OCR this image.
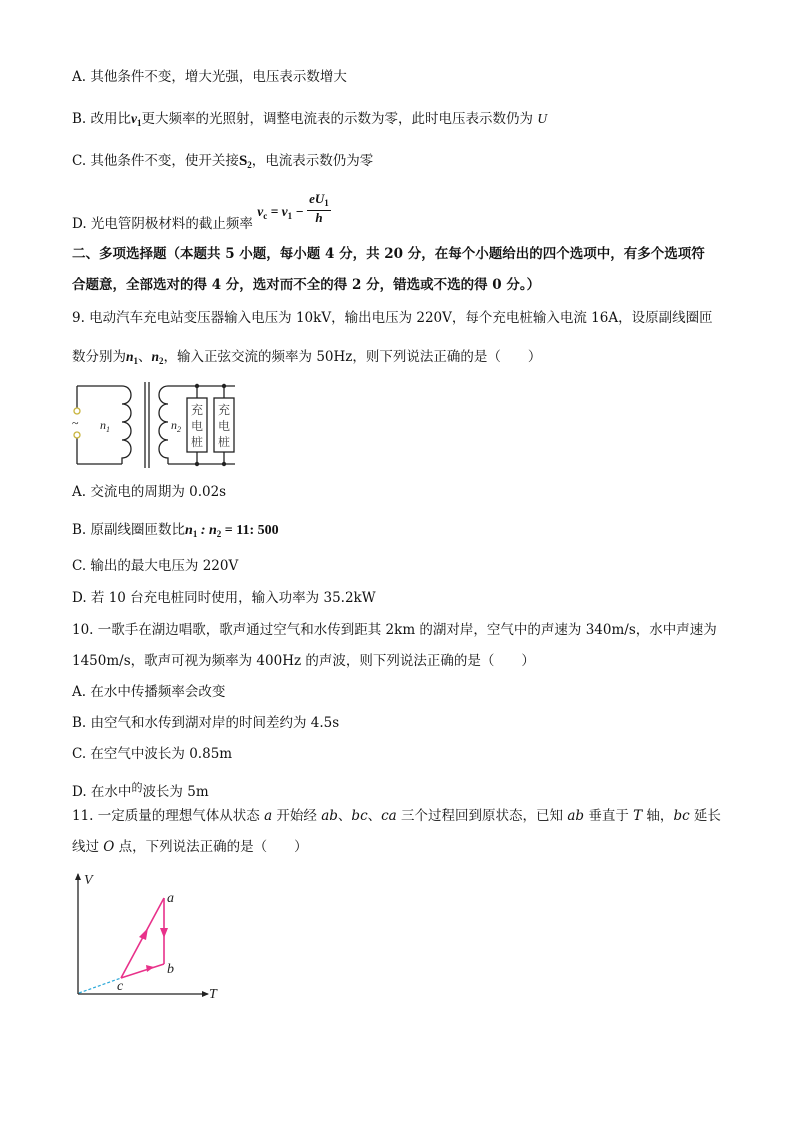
A. 其他条件不变，增大光强，电压表示数增大
B. 改用比$\nu_1$更大频率的光照射，调整电流表的示数为零，此时电压表示数仍为 U
C. 其他条件不变，使开关接$S_2$，电流表示数仍为零
D. 光电管阴极材料的截止频率 $\nu_c = \nu_1 - \frac{eU_1}{h}$
二、多项选择题（本题共 5 小题，每小题 4 分，共 20 分，在每个小题给出的四个选项中，有多个选项符
合题意，全部选对的得 4 分，选对而不全的得 2 分，错选或不选的得 0 分。）
9. 电动汽车充电站变压器输入电压为 10kV，输出电压为 220V，每个充电桩输入电流 16A，设原副线圈匝
数分别为$n_1$、$n_2$，输入正弦交流的频率为 50Hz，则下列说法正确的是（　　）
~ $n_1$	$n_2$
充
电
桩
充
电
桩
A. 交流电的周期为 0.02s
B. 原副线圈匝数比$n_1$ : $n_2 = 11$: 500
C. 输出的最大电压为 220V
D. 若 10 台充电桩同时使用，输入功率为 35.2kW
10. 一歌手在湖边唱歌，歌声通过空气和水传到距其 2km 的湖对岸，空气中的声速为 340m/s，水中声速为
1450m/s，歌声可视为频率为 400Hz 的声波，则下列说法正确的是（　　）
A. 在水中传播频率会改变
B. 由空气和水传到湖对岸的时间差约为 4.5s
C. 在空气中波长为 0.85m
D. 在水中$^的$波长为 5m
11. 一定质量的理想气体从状态 a 开始经 ab、bc、ca 三个过程回到原状态，已知 ab 垂直于 T 轴，bc 延长
线过 O 点，下列说法正确的是（　　）
V
T
a
b
c
